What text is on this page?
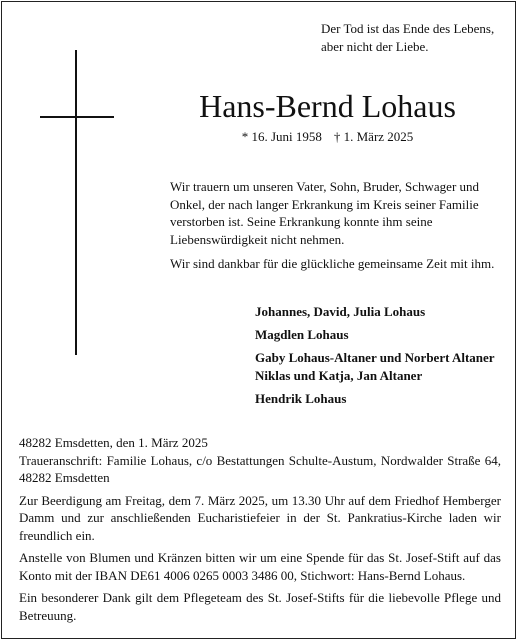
Der Tod ist das Ende des Lebens,
aber nicht der Liebe.
Hans-Bernd Lohaus
* 16. Juni 1958 † 1. März 2025
Wir trauern um unseren Vater, Sohn, Bruder, Schwager und Onkel, der nach langer Erkrankung im Kreis seiner Familie verstorben ist. Seine Erkrankung konnte ihm seine Liebenswürdigkeit nicht nehmen.
Wir sind dankbar für die glückliche gemeinsame Zeit mit ihm.
Johannes, David, Julia Lohaus
Magdlen Lohaus
Gaby Lohaus-Altaner und Norbert Altaner
Niklas und Katja, Jan Altaner
Hendrik Lohaus

48282 Emsdetten, den 1. März 2025

Traueranschrift: Familie Lohaus, c/o Bestattungen Schulte-Austum, Nordwalder Straße 64, 48282 Emsdetten

Zur Beerdigung am Freitag, dem 7. März 2025, um 13.30 Uhr auf dem Friedhof Hemberger Damm und zur anschließenden Eucharistiefeier in der St. Pankratius-Kirche laden wir freundlich ein.

Anstelle von Blumen und Kränzen bitten wir um eine Spende für das St. Josef-Stift auf das Konto mit der IBAN DE61 4006 0265 0003 3486 00, Stichwort: Hans-Bernd Lohaus.

Ein besonderer Dank gilt dem Pflegeteam des St. Josef-Stifts für die liebevolle Pflege und Betreuung.
